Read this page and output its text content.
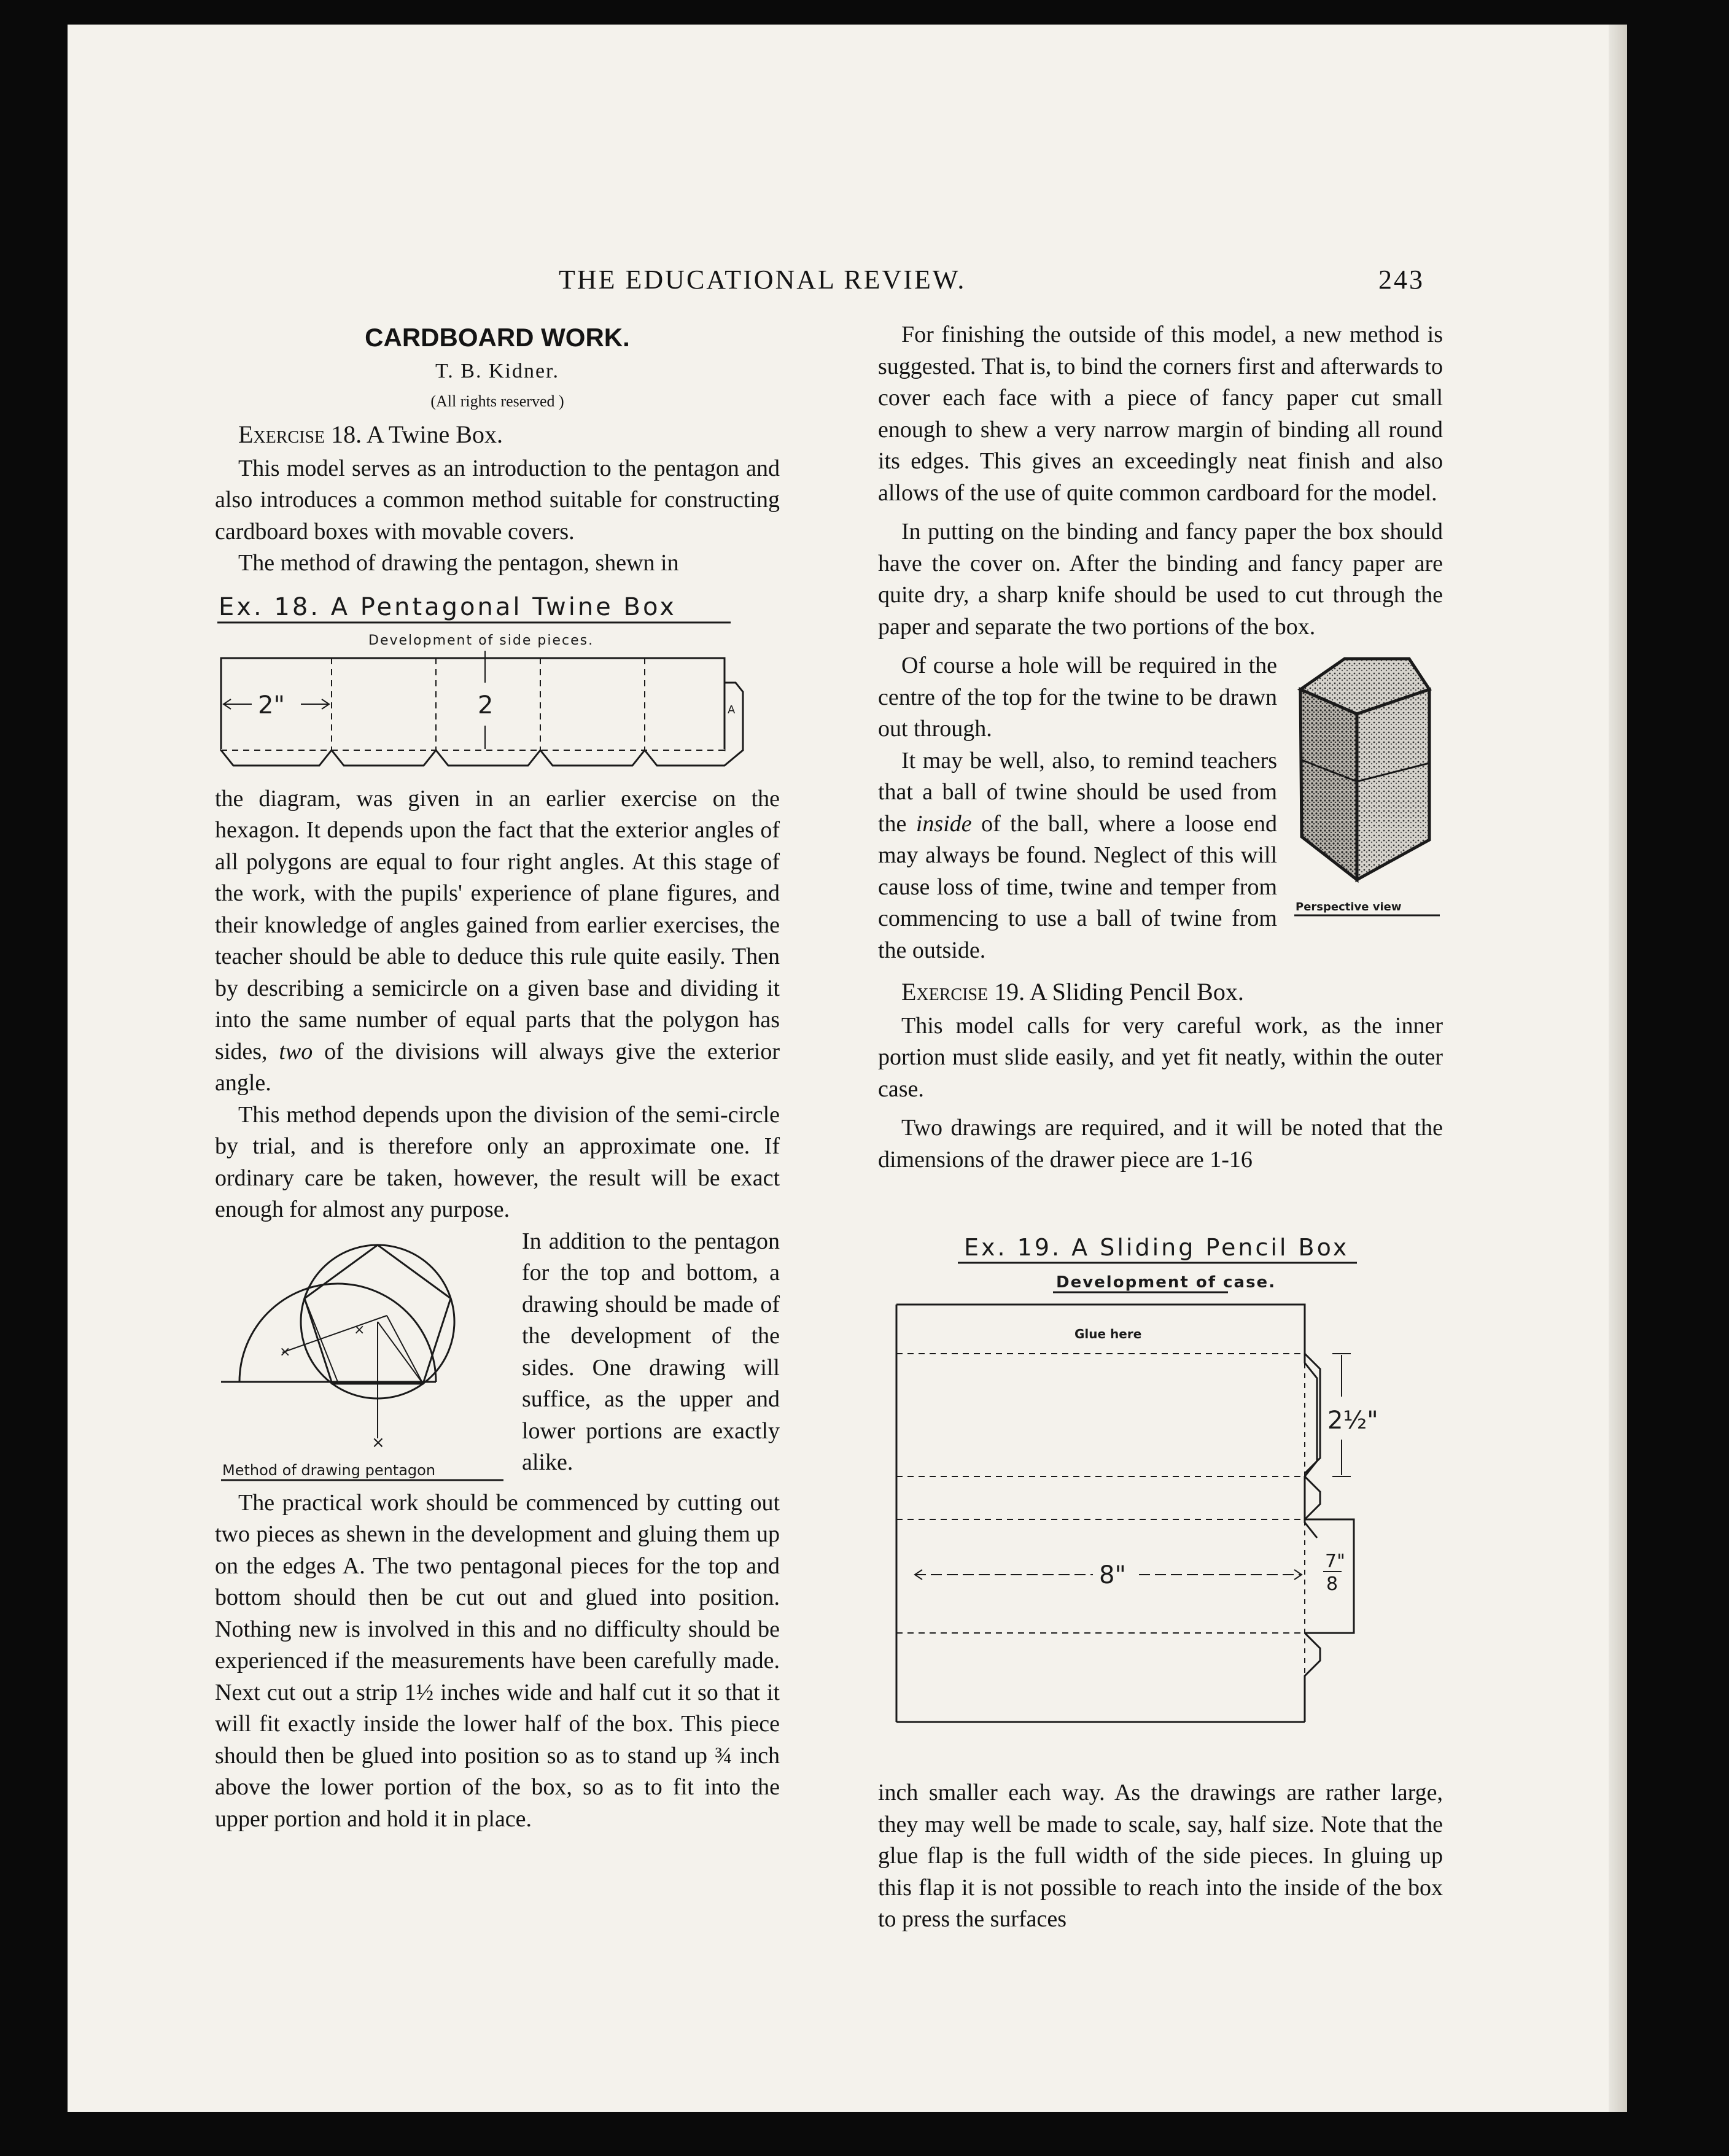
THE EDUCATIONAL REVIEW.	243
CARDBOARD WORK.
T. B. Kidner.
(All rights reserved )
Exercise 18. A Twine Box.

This model serves as an introduction to the pentagon and also introduces a common method suitable for constructing cardboard boxes with movable covers.

The method of drawing the pentagon, shewn in

Ex. 18. A Pentagonal Twine Box
Development of side pieces.
2"	2	A

the diagram, was given in an earlier exercise on the hexagon. It depends upon the fact that the exterior angles of all polygons are equal to four right angles. At this stage of the work, with the pupils' experience of plane figures, and their knowledge of angles gained from earlier exercises, the teacher should be able to deduce this rule quite easily. Then by describing a semicircle on a given base and dividing it into the same number of equal parts that the polygon has sides, two of the divisions will always give the exterior angle.

This method depends upon the division of the semi-circle by trial, and is therefore only an approximate one. If ordinary care be taken, however, the result will be exact enough for almost any purpose.

×
×
×
Method of drawing pentagon

In addition to the pentagon for the top and bottom, a drawing should be made of the development of the sides. One drawing will suffice, as the upper and lower portions are exactly alike.

The practical work should be commenced by cutting out two pieces as shewn in the development and gluing them up on the edges A. The two pentagonal pieces for the top and bottom should then be cut out and glued into position. Nothing new is involved in this and no difficulty should be experienced if the measurements have been carefully made. Next cut out a strip 1½ inches wide and half cut it so that it will fit exactly inside the lower half of the box. This piece should then be glued into position so as to stand up ¾ inch above the lower portion of the box, so as to fit into the upper portion and hold it in place.

For finishing the outside of this model, a new method is suggested. That is, to bind the corners first and afterwards to cover each face with a piece of fancy paper cut small enough to shew a very narrow margin of binding all round its edges. This gives an exceedingly neat finish and also allows of the use of quite common cardboard for the model.

In putting on the binding and fancy paper the box should have the cover on. After the binding and fancy paper are quite dry, a sharp knife should be used to cut through the paper and separate the two portions of the box.

Perspective view

Of course a hole will be required in the centre of the top for the twine to be drawn out through.

It may be well, also, to remind teachers that a ball of twine should be used from the inside of the ball, where a loose end may always be found. Neglect of this will cause loss of time, twine and temper from commencing to use a ball of twine from the outside.

Exercise 19. A Sliding Pencil Box.

This model calls for very careful work, as the inner portion must slide easily, and yet fit neatly, within the outer case.

Two drawings are required, and it will be noted that the dimensions of the drawer piece are 1-16

Ex. 19. A Sliding Pencil Box
Development of case.
Glue here
2½"
8"	7"
8

inch smaller each way. As the drawings are rather large, they may well be made to scale, say, half size. Note that the glue flap is the full width of the side pieces. In gluing up this flap it is not possible to reach into the inside of the box to press the surfaces
